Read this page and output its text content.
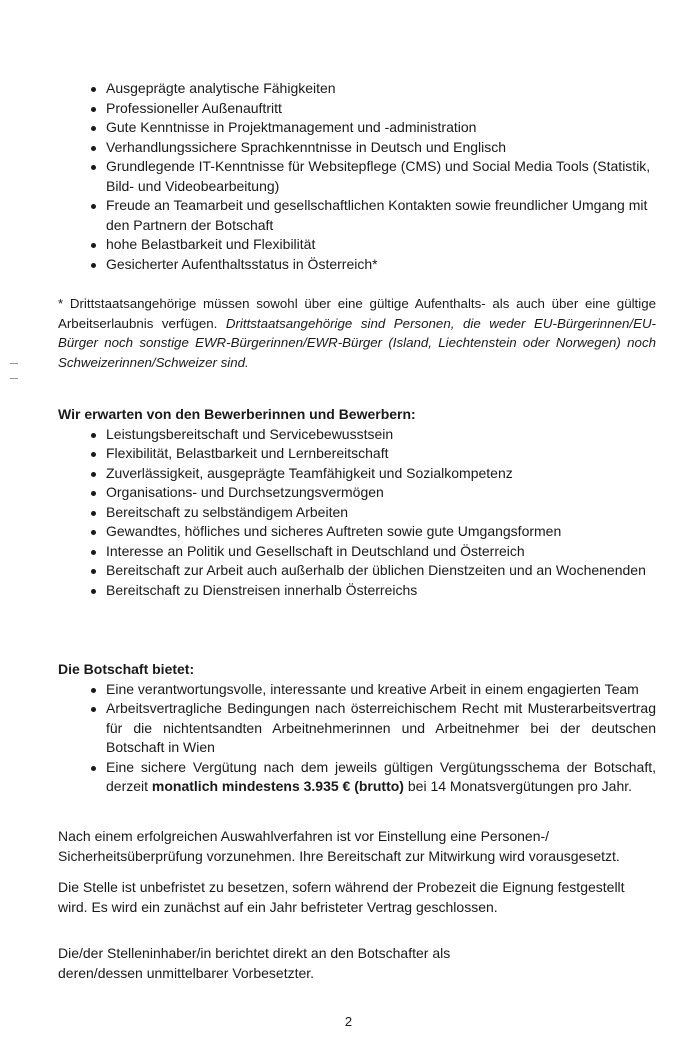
Ausgeprägte analytische Fähigkeiten
Professioneller Außenauftritt
Gute Kenntnisse in Projektmanagement und -administration
Verhandlungssichere Sprachkenntnisse in Deutsch und Englisch
Grundlegende IT-Kenntnisse für Websitepflege (CMS) und Social Media Tools (Statistik, Bild- und Videobearbeitung)
Freude an Teamarbeit und gesellschaftlichen Kontakten sowie freundlicher Umgang mit den Partnern der Botschaft
hohe Belastbarkeit und Flexibilität
Gesicherter Aufenthaltsstatus in Österreich*

* Drittstaatsangehörige müssen sowohl über eine gültige Aufenthalts- als auch über eine gültige Arbeitserlaubnis verfügen. Drittstaatsangehörige sind Personen, die weder EU-Bürgerinnen/EU-Bürger noch sonstige EWR-Bürgerinnen/EWR-Bürger (Island, Liechtenstein oder Norwegen) noch Schweizerinnen/Schweizer sind.

Wir erwarten von den Bewerberinnen und Bewerbern:
Leistungsbereitschaft und Servicebewusstsein
Flexibilität, Belastbarkeit und Lernbereitschaft
Zuverlässigkeit, ausgeprägte Teamfähigkeit und Sozialkompetenz
Organisations- und Durchsetzungsvermögen
Bereitschaft zu selbständigem Arbeiten
Gewandtes, höfliches und sicheres Auftreten sowie gute Umgangsformen
Interesse an Politik und Gesellschaft in Deutschland und Österreich
Bereitschaft zur Arbeit auch außerhalb der üblichen Dienstzeiten und an Wochenenden
Bereitschaft zu Dienstreisen innerhalb Österreichs
Die Botschaft bietet:
Eine verantwortungsvolle, interessante und kreative Arbeit in einem engagierten Team
Arbeitsvertragliche Bedingungen nach österreichischem Recht mit Musterarbeitsvertrag für die nichtentsandten Arbeitnehmerinnen und Arbeitnehmer bei der deutschen Botschaft in Wien
Eine sichere Vergütung nach dem jeweils gültigen Vergütungsschema der Botschaft, derzeit monatlich mindestens 3.935 € (brutto) bei 14 Monatsvergütungen pro Jahr.

Nach einem erfolgreichen Auswahlverfahren ist vor Einstellung eine Personen-/ Sicherheitsüberprüfung vorzunehmen. Ihre Bereitschaft zur Mitwirkung wird vorausgesetzt.

Die Stelle ist unbefristet zu besetzen, sofern während der Probezeit die Eignung festgestellt wird. Es wird ein zunächst auf ein Jahr befristeter Vertrag geschlossen.

Die/der Stelleninhaber/in berichtet direkt an den Botschafter als deren/dessen unmittelbarer Vorbesetzter.

2
